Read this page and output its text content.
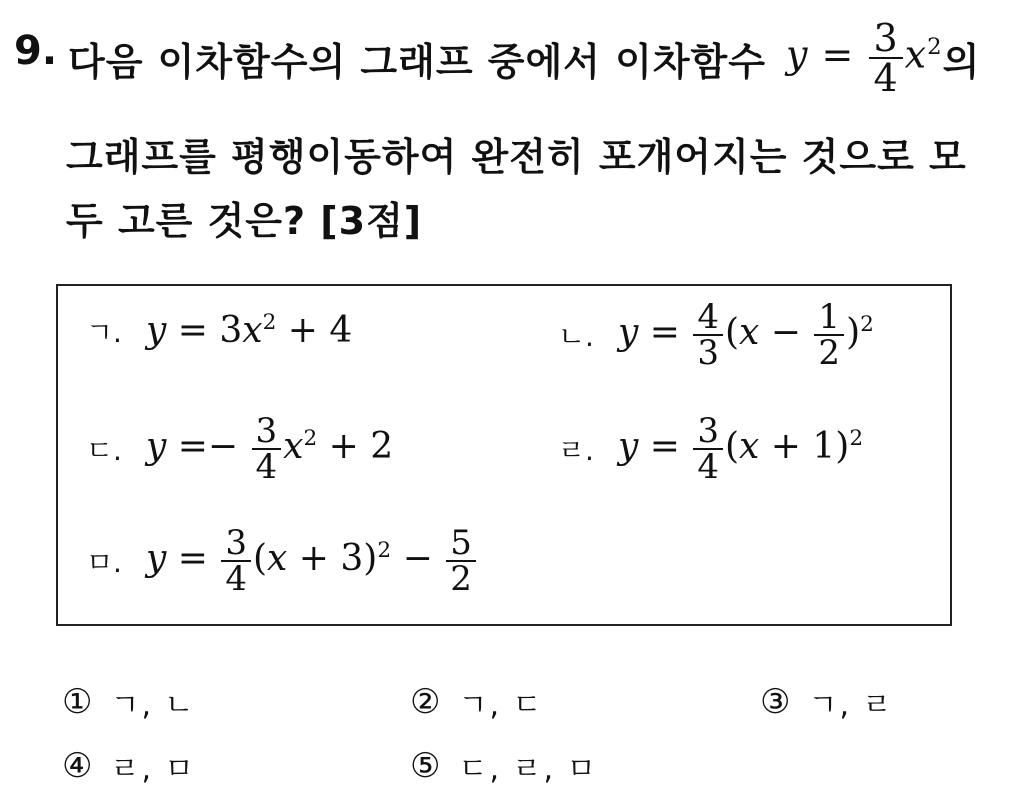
9. 다음 이차함수의 그래프 중에서 이차함수 $y = \frac{3}{4} x^2$ 의
그래프를 평행이동하여 완전히 포개어지는 것으로 모
두 고른 것은? [3점]
ㄱ. $y = 3x^2 + 4$	ㄴ. $y = \frac{4}{3} (x - \frac{1}{2} )^2$
ㄷ. $y =- \frac{3}{4} x^2 + 2$	ㄹ. $y = \frac{3}{4} (x + 1)^2$
ㅁ. $y = \frac{3}{4} (x + 3)^2 - \frac{5}{2}$
① ㄱ, ㄴ	② ㄱ, ㄷ	③ ㄱ, ㄹ
④ ㄹ, ㅁ	⑤ ㄷ, ㄹ, ㅁ
